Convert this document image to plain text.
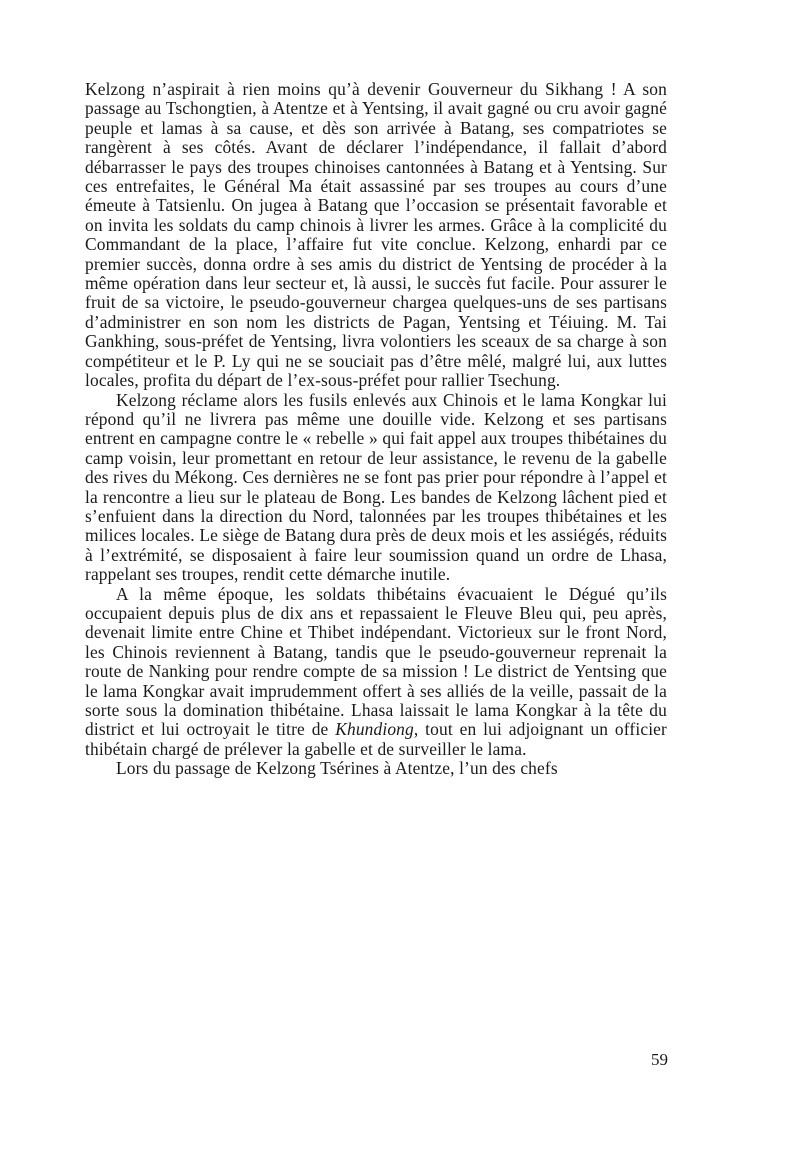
Kelzong n’aspirait à rien moins qu’à devenir Gouverneur du Sikhang ! A son passage au Tschongtien, à Atentze et à Yentsing, il avait gagné ou cru avoir gagné peuple et lamas à sa cause, et dès son arrivée à Batang, ses compatriotes se rangèrent à ses côtés. Avant de déclarer l’indépendance, il fallait d’abord débarrasser le pays des troupes chinoises cantonnées à Batang et à Yentsing. Sur ces entrefaites, le Général Ma était assassiné par ses troupes au cours d’une émeute à Tatsienlu. On jugea à Batang que l’occasion se présentait favorable et on invita les soldats du camp chinois à livrer les armes. Grâce à la complicité du Commandant de la place, l’affaire fut vite conclue. Kelzong, enhardi par ce premier succès, donna ordre à ses amis du district de Yentsing de procéder à la même opération dans leur secteur et, là aussi, le succès fut facile. Pour assurer le fruit de sa victoire, le pseudo-gouverneur chargea quelques-uns de ses partisans d’administrer en son nom les districts de Pagan, Yentsing et Téiuing. M. Tai Gankhing, sous-préfet de Yentsing, livra volontiers les sceaux de sa charge à son compétiteur et le P. Ly qui ne se souciait pas d’être mêlé, malgré lui, aux luttes locales, profita du départ de l’ex-sous-préfet pour rallier Tsechung.

Kelzong réclame alors les fusils enlevés aux Chinois et le lama Kongkar lui répond qu’il ne livrera pas même une douille vide. Kelzong et ses partisans entrent en campagne contre le « rebelle » qui fait appel aux troupes thibétaines du camp voisin, leur promettant en retour de leur assistance, le revenu de la gabelle des rives du Mékong. Ces dernières ne se font pas prier pour répondre à l’appel et la rencontre a lieu sur le plateau de Bong. Les bandes de Kelzong lâchent pied et s’enfuient dans la direction du Nord, talonnées par les troupes thibétaines et les milices locales. Le siège de Batang dura près de deux mois et les assiégés, réduits à l’extrémité, se disposaient à faire leur soumission quand un ordre de Lhasa, rappelant ses troupes, rendit cette démarche inutile.

A la même époque, les soldats thibétains évacuaient le Dégué qu’ils occupaient depuis plus de dix ans et repassaient le Fleuve Bleu qui, peu après, devenait limite entre Chine et Thibet indépendant. Victorieux sur le front Nord, les Chinois reviennent à Batang, tandis que le pseudo-gouverneur reprenait la route de Nanking pour rendre compte de sa mission ! Le district de Yentsing que le lama Kongkar avait imprudemment offert à ses alliés de la veille, passait de la sorte sous la domination thibétaine. Lhasa laissait le lama Kongkar à la tête du district et lui octroyait le titre de Khundiong, tout en lui adjoignant un officier thibétain chargé de prélever la gabelle et de surveiller le lama.

Lors du passage de Kelzong Tsérines à Atentze, l’un des chefs

59
